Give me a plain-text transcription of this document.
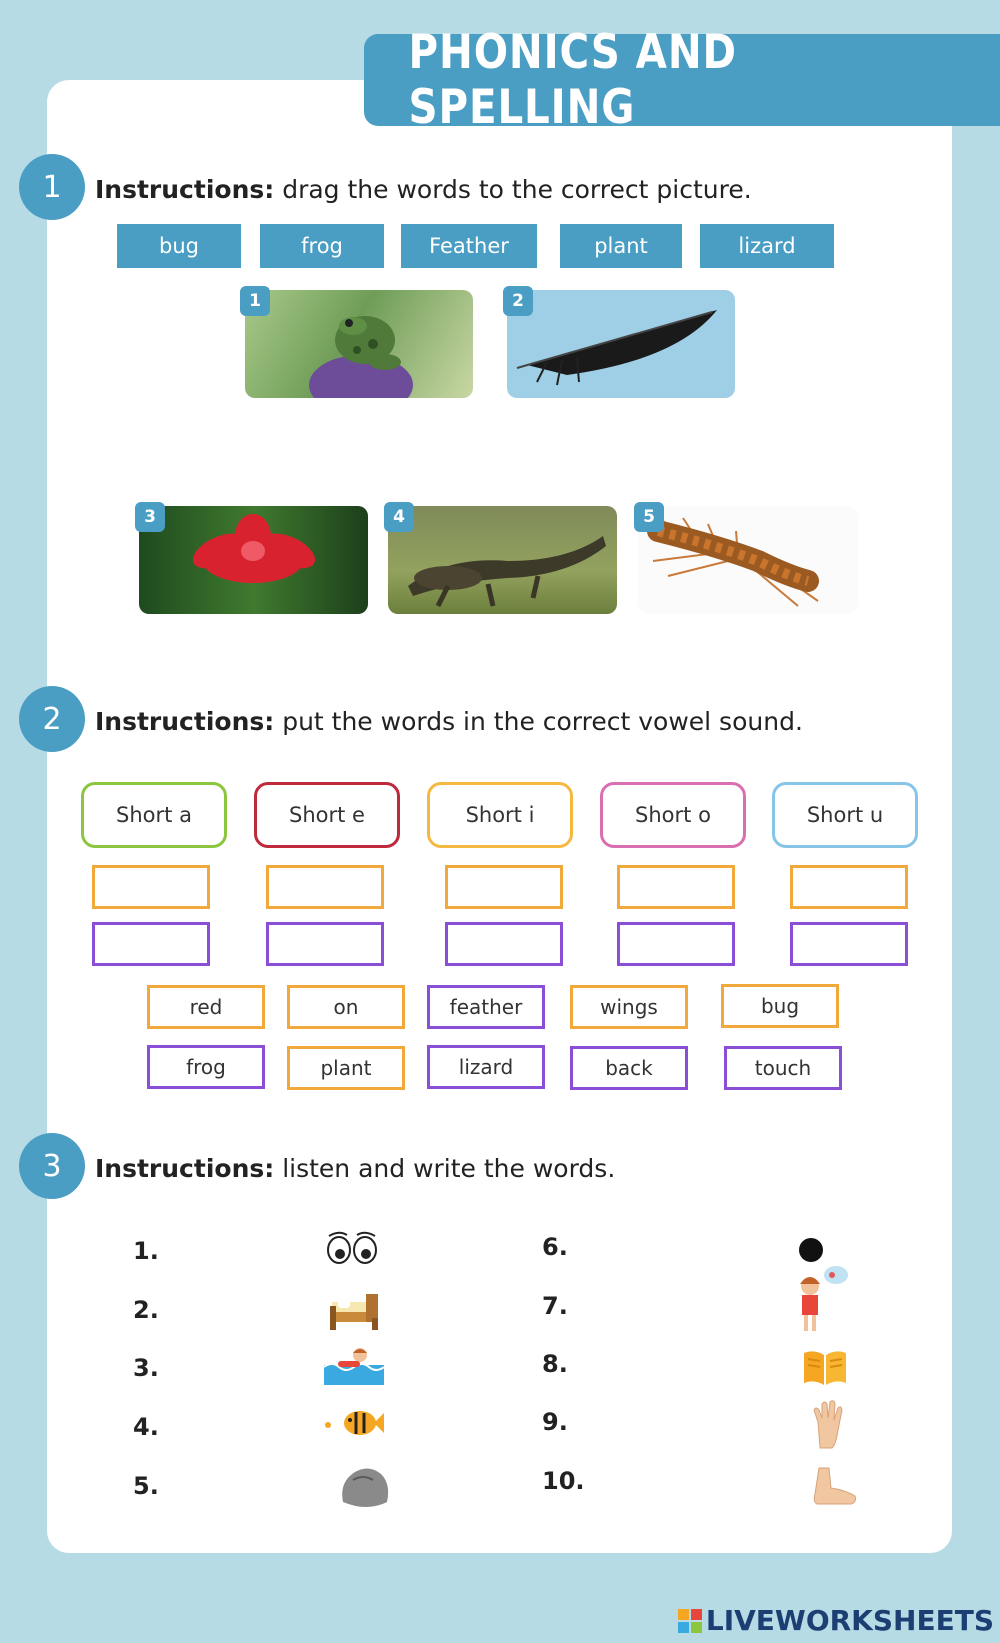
PHONICS AND SPELLING
1	Instructions: drag the words to the correct picture.
bug	frog	Feather	plant	lizard
1	2
3	4	5
2	Instructions: put the words in the correct vowel sound.
Short a	Short e	Short i	Short o	Short u
red	on	feather	wings	bug
frog	plant	lizard	back	touch
3	Instructions: listen and write the words.
1.
2.
3.
4.
5.
6.
7.
8.
9.
10.
LIVEWORKSHEETS
